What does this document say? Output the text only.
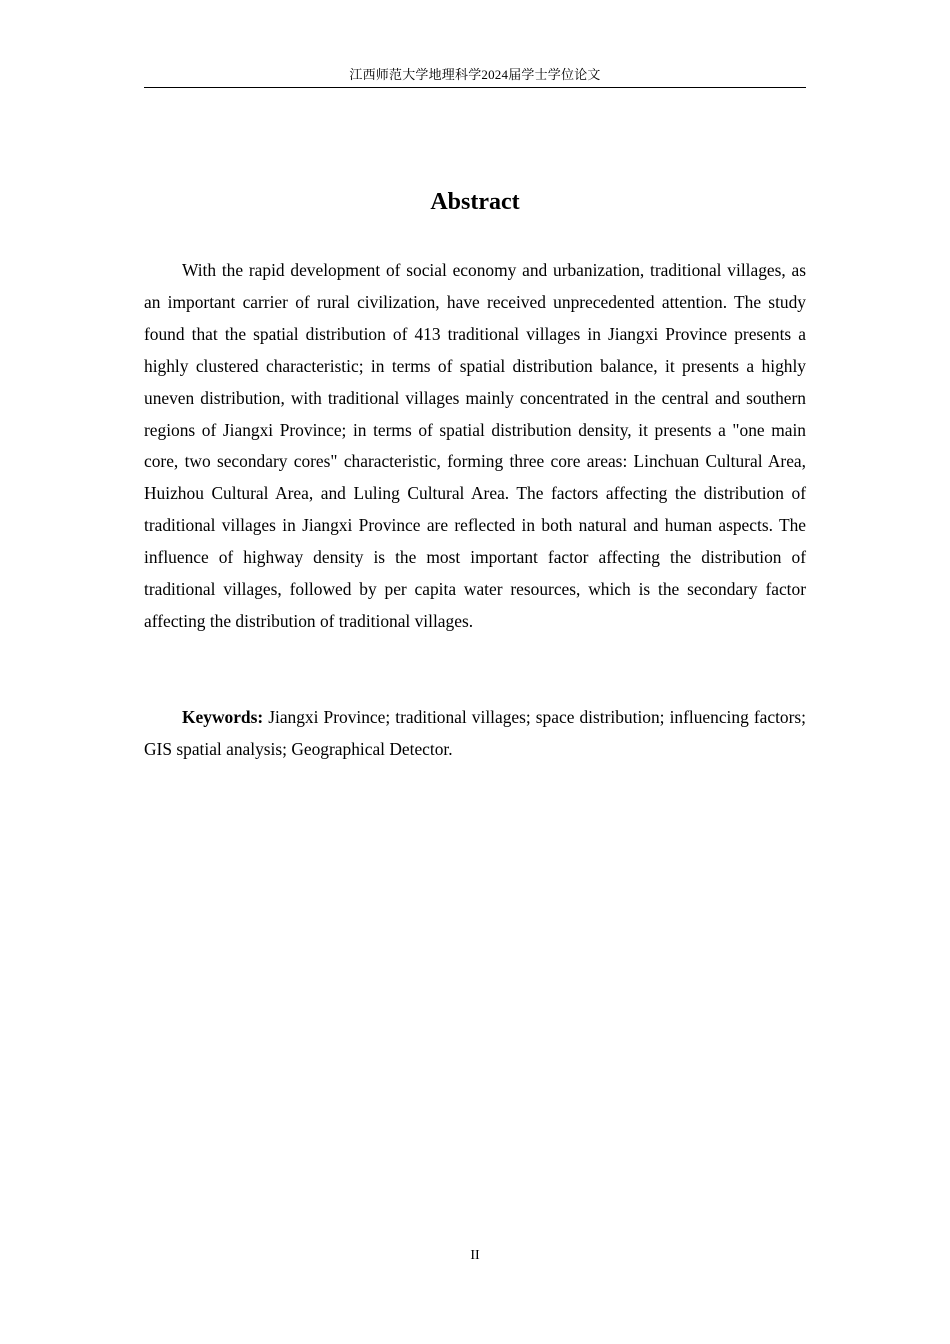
江西师范大学地理科学2024届学士学位论文
Abstract

With the rapid development of social economy and urbanization, traditional villages, as an important carrier of rural civilization, have received unprecedented attention. The study found that the spatial distribution of 413 traditional villages in Jiangxi Province presents a highly clustered characteristic; in terms of spatial distribution balance, it presents a highly uneven distribution, with traditional villages mainly concentrated in the central and southern regions of Jiangxi Province; in terms of spatial distribution density, it presents a "one main core, two secondary cores" characteristic, forming three core areas: Linchuan Cultural Area, Huizhou Cultural Area, and Luling Cultural Area. The factors affecting the distribution of traditional villages in Jiangxi Province are reflected in both natural and human aspects. The influence of highway density is the most important factor affecting the distribution of traditional villages, followed by per capita water resources, which is the secondary factor affecting the distribution of traditional villages.

Keywords: Jiangxi Province; traditional villages; space distribution; influencing factors; GIS spatial analysis; Geographical Detector.

II
